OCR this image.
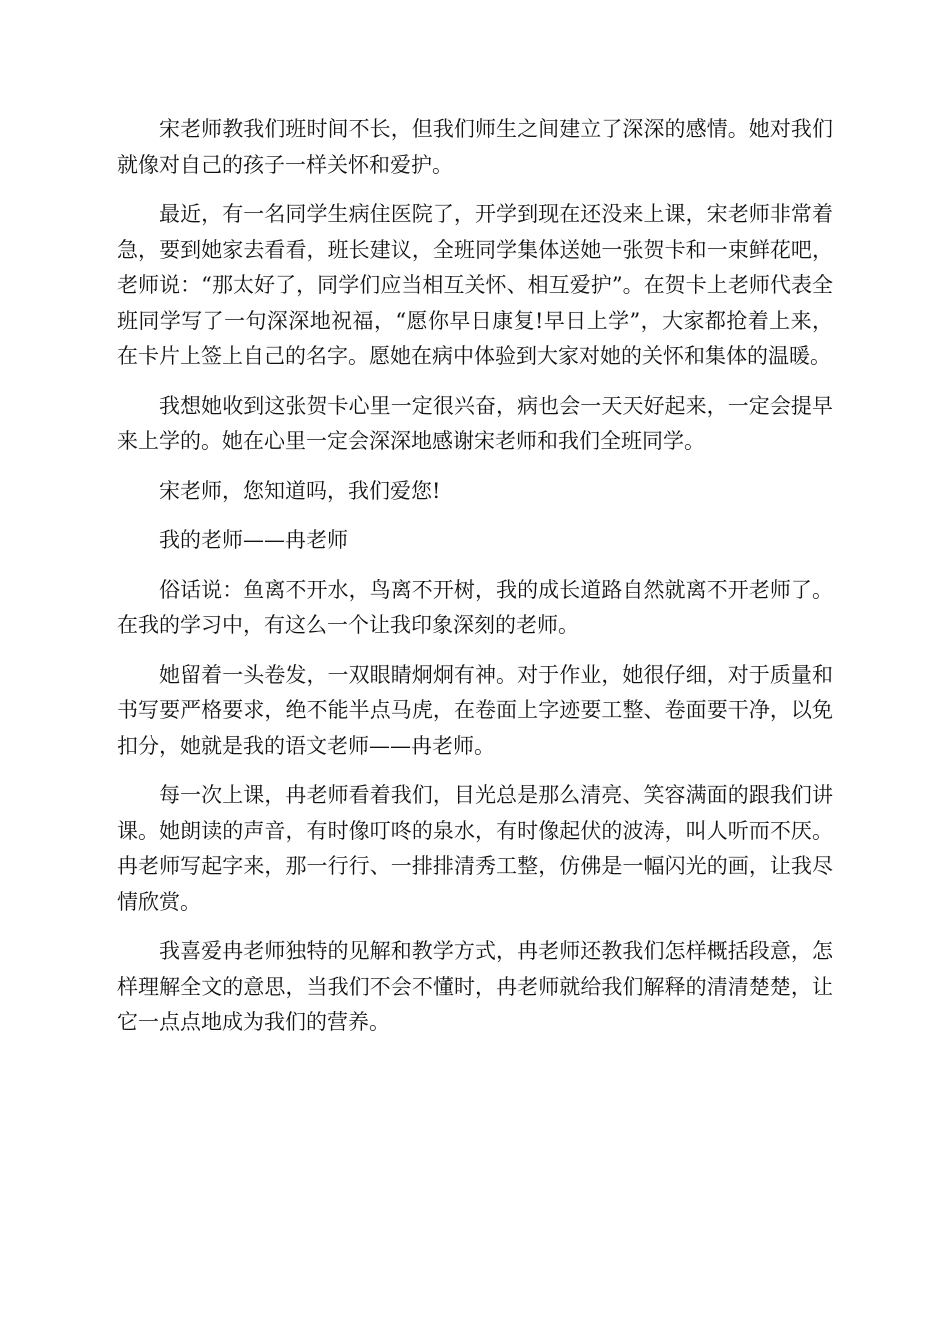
宋老师教我们班时间不长，但我们师生之间建立了深深的感情。她对我们就像对自己的孩子一样关怀和爱护。

最近，有一名同学生病住医院了，开学到现在还没来上课，宋老师非常着急，要到她家去看看，班长建议，全班同学集体送她一张贺卡和一束鲜花吧，老师说：“那太好了，同学们应当相互关怀、相互爱护”。在贺卡上老师代表全班同学写了一句深深地祝福，“愿你早日康复!早日上学”，大家都抢着上来，在卡片上签上自己的名字。愿她在病中体验到大家对她的关怀和集体的温暖。

我想她收到这张贺卡心里一定很兴奋，病也会一天天好起来，一定会提早来上学的。她在心里一定会深深地感谢宋老师和我们全班同学。

宋老师，您知道吗，我们爱您!

我的老师——冉老师

俗话说：鱼离不开水，鸟离不开树，我的成长道路自然就离不开老师了。在我的学习中，有这么一个让我印象深刻的老师。

她留着一头卷发，一双眼睛炯炯有神。对于作业，她很仔细，对于质量和书写要严格要求，绝不能半点马虎，在卷面上字迹要工整、卷面要干净，以免扣分，她就是我的语文老师——冉老师。

每一次上课，冉老师看着我们，目光总是那么清亮、笑容满面的跟我们讲课。她朗读的声音，有时像叮咚的泉水，有时像起伏的波涛，叫人听而不厌。冉老师写起字来，那一行行、一排排清秀工整，仿佛是一幅闪光的画，让我尽情欣赏。

我喜爱冉老师独特的见解和教学方式，冉老师还教我们怎样概括段意，怎样理解全文的意思，当我们不会不懂时，冉老师就给我们解释的清清楚楚，让它一点点地成为我们的营养。
